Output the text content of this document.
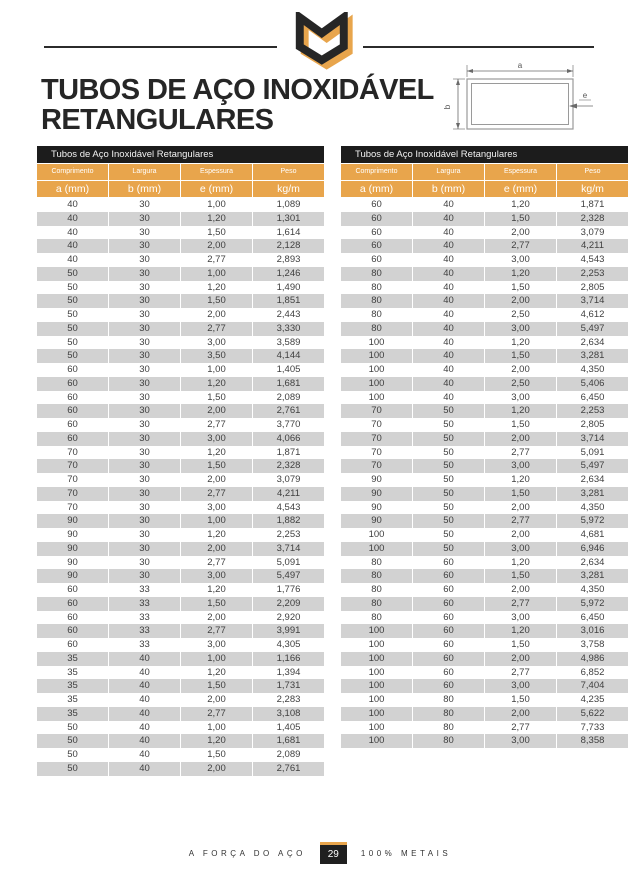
TUBOS DE AÇO INOXIDÁVEL
RETANGULARES
a
b
e
Tubos de Aço Inoxidável Retangulares
Comprimento	Largura	Espessura	Peso
a (mm)	b (mm)	e (mm)	kg/m
40	30	1,00	1,089
40	30	1,20	1,301
40	30	1,50	1,614
40	30	2,00	2,128
40	30	2,77	2,893
50	30	1,00	1,246
50	30	1,20	1,490
50	30	1,50	1,851
50	30	2,00	2,443
50	30	2,77	3,330
50	30	3,00	3,589
50	30	3,50	4,144
60	30	1,00	1,405
60	30	1,20	1,681
60	30	1,50	2,089
60	30	2,00	2,761
60	30	2,77	3,770
60	30	3,00	4,066
70	30	1,20	1,871
70	30	1,50	2,328
70	30	2,00	3,079
70	30	2,77	4,211
70	30	3,00	4,543
90	30	1,00	1,882
90	30	1,20	2,253
90	30	2,00	3,714
90	30	2,77	5,091
90	30	3,00	5,497
60	33	1,20	1,776
60	33	1,50	2,209
60	33	2,00	2,920
60	33	2,77	3,991
60	33	3,00	4,305
35	40	1,00	1,166
35	40	1,20	1,394
35	40	1,50	1,731
35	40	2,00	2,283
35	40	2,77	3,108
50	40	1,00	1,405
50	40	1,20	1,681
50	40	1,50	2,089
50	40	2,00	2,761
Tubos de Aço Inoxidável Retangulares
Comprimento	Largura	Espessura	Peso
a (mm)	b (mm)	e (mm)	kg/m
60	40	1,20	1,871
60	40	1,50	2,328
60	40	2,00	3,079
60	40	2,77	4,211
60	40	3,00	4,543
80	40	1,20	2,253
80	40	1,50	2,805
80	40	2,00	3,714
80	40	2,50	4,612
80	40	3,00	5,497
100	40	1,20	2,634
100	40	1,50	3,281
100	40	2,00	4,350
100	40	2,50	5,406
100	40	3,00	6,450
70	50	1,20	2,253
70	50	1,50	2,805
70	50	2,00	3,714
70	50	2,77	5,091
70	50	3,00	5,497
90	50	1,20	2,634
90	50	1,50	3,281
90	50	2,00	4,350
90	50	2,77	5,972
100	50	2,00	4,681
100	50	3,00	6,946
80	60	1,20	2,634
80	60	1,50	3,281
80	60	2,00	4,350
80	60	2,77	5,972
80	60	3,00	6,450
100	60	1,20	3,016
100	60	1,50	3,758
100	60	2,00	4,986
100	60	2,77	6,852
100	60	3,00	7,404
100	80	1,50	4,235
100	80	2,00	5,622
100	80	2,77	7,733
100	80	3,00	8,358
A FORÇA DO AÇO	29	100% METAIS
